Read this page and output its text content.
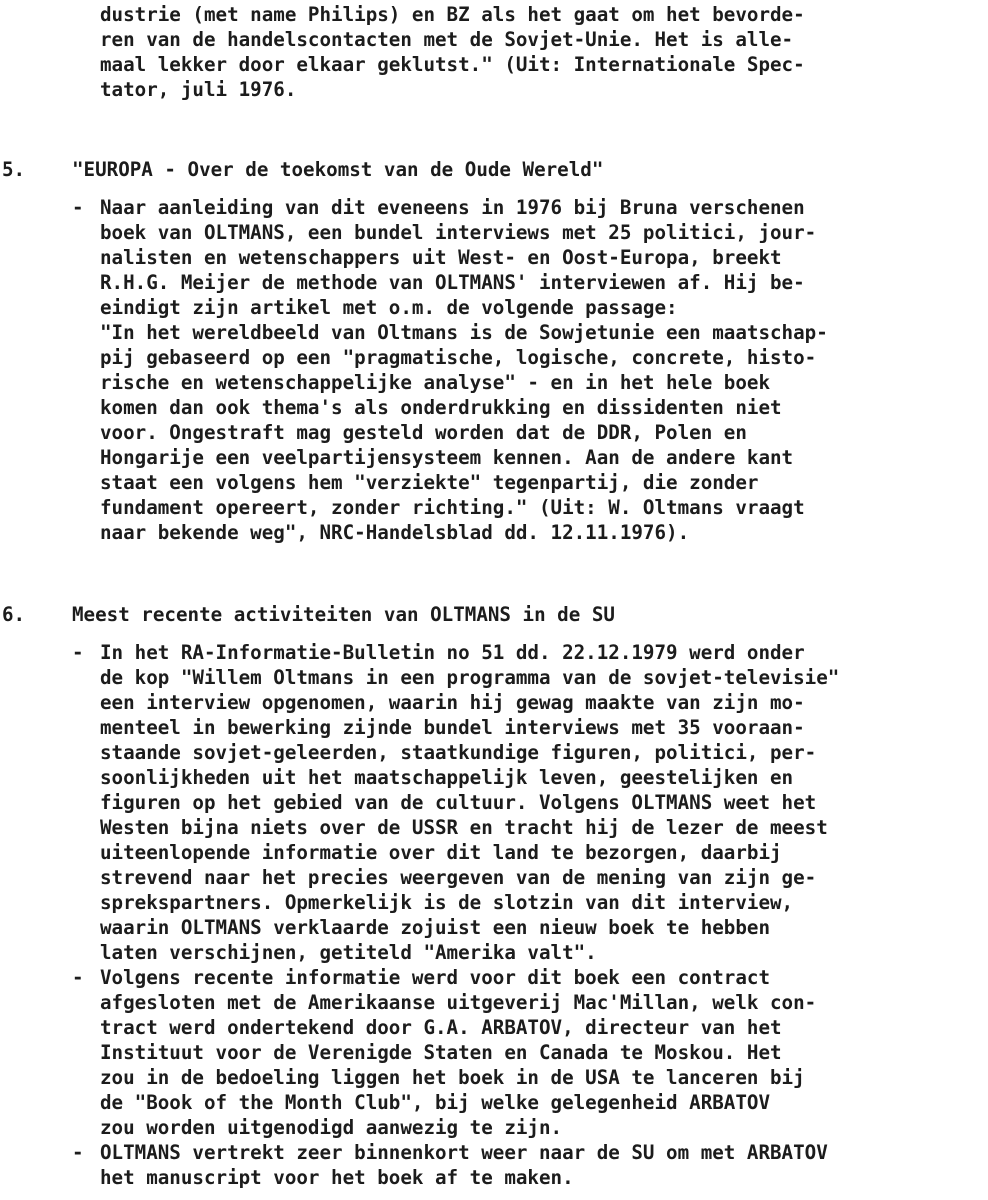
dustrie (met name Philips) en BZ als het gaat om het bevorde-
ren van de handelscontacten met de Sovjet-Unie. Het is alle-
maal lekker door elkaar geklutst." (Uit: Internationale Spec-
tator, juli 1976.
5. "EUROPA - Over de toekomst van de Oude Wereld"
- Naar aanleiding van dit eveneens in 1976 bij Bruna verschenen
boek van OLTMANS, een bundel interviews met 25 politici, jour-
nalisten en wetenschappers uit West- en Oost-Europa, breekt
R.H.G. Meijer de methode van OLTMANS' interviewen af. Hij be-
eindigt zijn artikel met o.m. de volgende passage:
"In het wereldbeeld van Oltmans is de Sowjetunie een maatschap-
pij gebaseerd op een "pragmatische, logische, concrete, histo-
rische en wetenschappelijke analyse" - en in het hele boek
komen dan ook thema's als onderdrukking en dissidenten niet
voor. Ongestraft mag gesteld worden dat de DDR, Polen en
Hongarije een veelpartijensysteem kennen. Aan de andere kant
staat een volgens hem "verziekte" tegenpartij, die zonder
fundament opereert, zonder richting." (Uit: W. Oltmans vraagt
naar bekende weg", NRC-Handelsblad dd. 12.11.1976).
6. Meest recente activiteiten van OLTMANS in de SU
- In het RA-Informatie-Bulletin no 51 dd. 22.12.1979 werd onder
de kop "Willem Oltmans in een programma van de sovjet-televisie"
een interview opgenomen, waarin hij gewag maakte van zijn mo-
menteel in bewerking zijnde bundel interviews met 35 vooraan-
staande sovjet-geleerden, staatkundige figuren, politici, per-
soonlijkheden uit het maatschappelijk leven, geestelijken en
figuren op het gebied van de cultuur. Volgens OLTMANS weet het
Westen bijna niets over de USSR en tracht hij de lezer de meest
uiteenlopende informatie over dit land te bezorgen, daarbij
strevend naar het precies weergeven van de mening van zijn ge-
sprekspartners. Opmerkelijk is de slotzin van dit interview,
waarin OLTMANS verklaarde zojuist een nieuw boek te hebben
laten verschijnen, getiteld "Amerika valt".
- Volgens recente informatie werd voor dit boek een contract
afgesloten met de Amerikaanse uitgeverij Mac'Millan, welk con-
tract werd ondertekend door G.A. ARBATOV, directeur van het
Instituut voor de Verenigde Staten en Canada te Moskou. Het
zou in de bedoeling liggen het boek in de USA te lanceren bij
de "Book of the Month Club", bij welke gelegenheid ARBATOV
zou worden uitgenodigd aanwezig te zijn.
- OLTMANS vertrekt zeer binnenkort weer naar de SU om met ARBATOV
het manuscript voor het boek af te maken.
